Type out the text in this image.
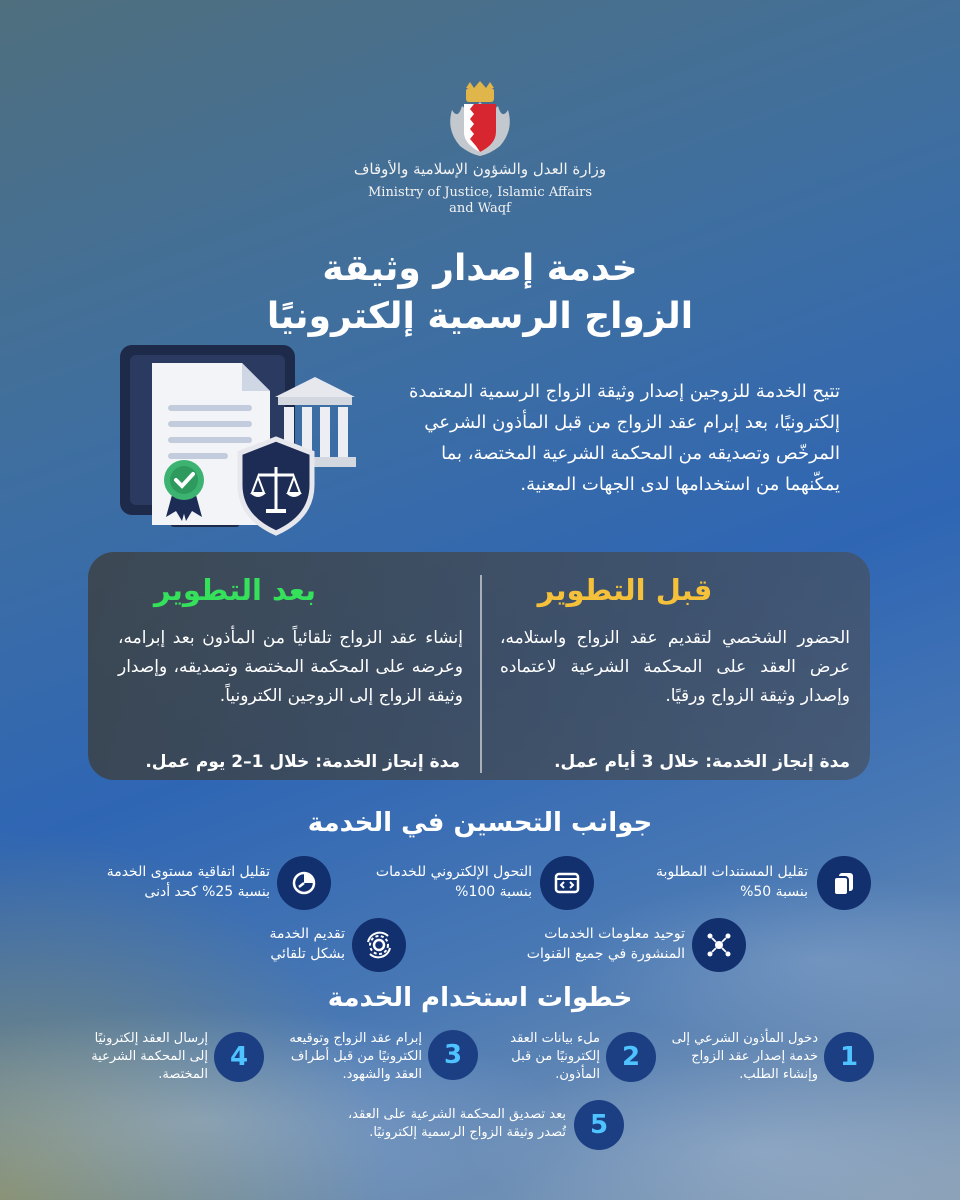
وزارة العدل والشؤون الإسلامية والأوقاف
Ministry of Justice, Islamic Affairs
and Waqf
خدمة إصدار وثيقة
الزواج الرسمية إلكترونيًا
تتيح الخدمة للزوجين إصدار وثيقة الزواج الرسمية المعتمدة إلكترونيًا، بعد إبرام عقد الزواج من قبل المأذون الشرعي المرخّص وتصديقه من المحكمة الشرعية المختصة، بما يمكّنهما من استخدامها لدى الجهات المعنية.
قبل التطوير
الحضور الشخصي لتقديم عقد الزواج واستلامه، عرض العقد على المحكمة الشرعية لاعتماده وإصدار وثيقة الزواج ورقيًا.
مدة إنجاز الخدمة: خلال 3 أيام عمل.
بعد التطوير
إنشاء عقد الزواج تلقائياً من المأذون بعد إبرامه، وعرضه على المحكمة المختصة وتصديقه، وإصدار وثيقة الزواج إلى الزوجين الكترونياً.
مدة إنجاز الخدمة: خلال 1–2 يوم عمل.
جوانب التحسين في الخدمة
تقليل المستندات المطلوبة
بنسبة 50%
التحول الإلكتروني للخدمات
بنسبة 100%
تقليل اتفاقية مستوى الخدمة
بنسبة 25% كحد أدنى
توحيد معلومات الخدمات
المنشورة في جميع القنوات
تقديم الخدمة
بشكل تلقائي
خطوات استخدام الخدمة
1
دخول المأذون الشرعي إلى خدمة إصدار عقد الزواج وإنشاء الطلب.
2
ملء بيانات العقد إلكترونيًا من قبل المأذون.
3
إبرام عقد الزواج وتوقيعه الكترونيًا من قبل أطراف العقد والشهود.
4
إرسال العقد إلكترونيًا إلى المحكمة الشرعية المختصة.
5
بعد تصديق المحكمة الشرعية على العقد، تُصدر وثيقة الزواج الرسمية إلكترونيًا.
